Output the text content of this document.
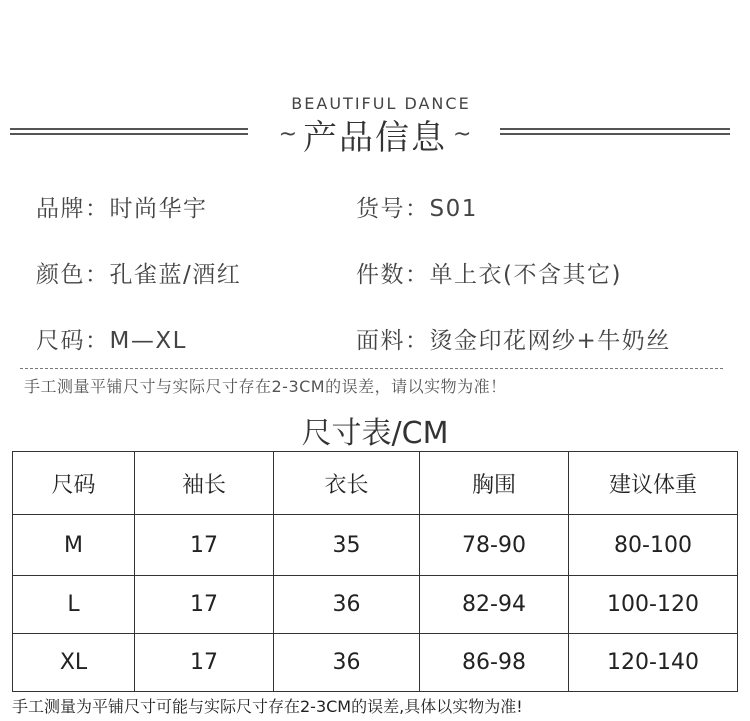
BEAUTIFUL DANCE
~ 产品信息 ~
品牌：时尚华宇	货号：S01
颜色：孔雀蓝/酒红	件数：单上衣(不含其它)
尺码：M—XL	面料：烫金印花网纱+牛奶丝
手工测量平铺尺寸与实际尺寸存在2-3CM的误差，请以实物为准！
尺寸表/CM
尺码	袖长	衣长	胸围	建议体重
M	17	35	78-90	80-100
L	17	36	82-94	100-120
XL	17	36	86-98	120-140
手工测量为平铺尺寸可能与实际尺寸存在2-3CM的误差,具体以实物为准!
